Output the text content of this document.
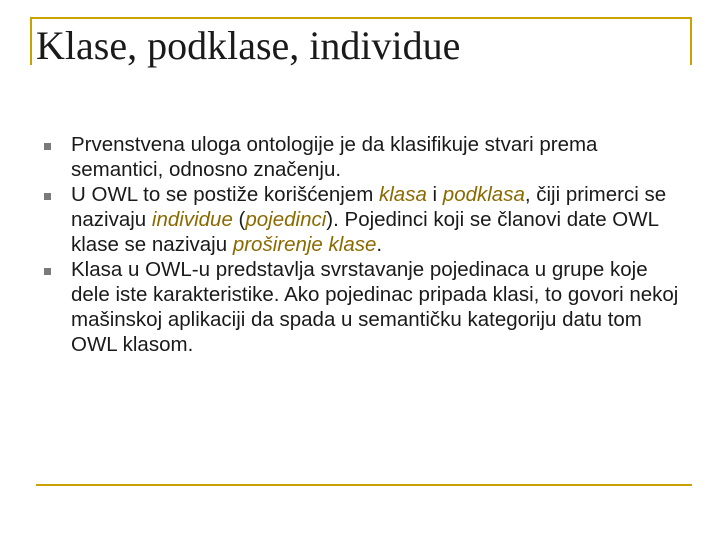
Klase, podklase, individue
Prvenstvena uloga ontologije je da klasifikuje stvari prema semantici, odnosno značenju.
U OWL to se postiže korišćenjem klasa i podklasa, čiji primerci se nazivaju individue (pojedinci). Pojedinci koji se članovi date OWL klase se nazivaju proširenje klase.
Klasa u OWL-u predstavlja svrstavanje pojedinaca u grupe koje dele iste karakteristike. Ako pojedinac pripada klasi, to govori nekoj mašinskoj aplikaciji da spada u semantičku kategoriju datu tom OWL klasom.
